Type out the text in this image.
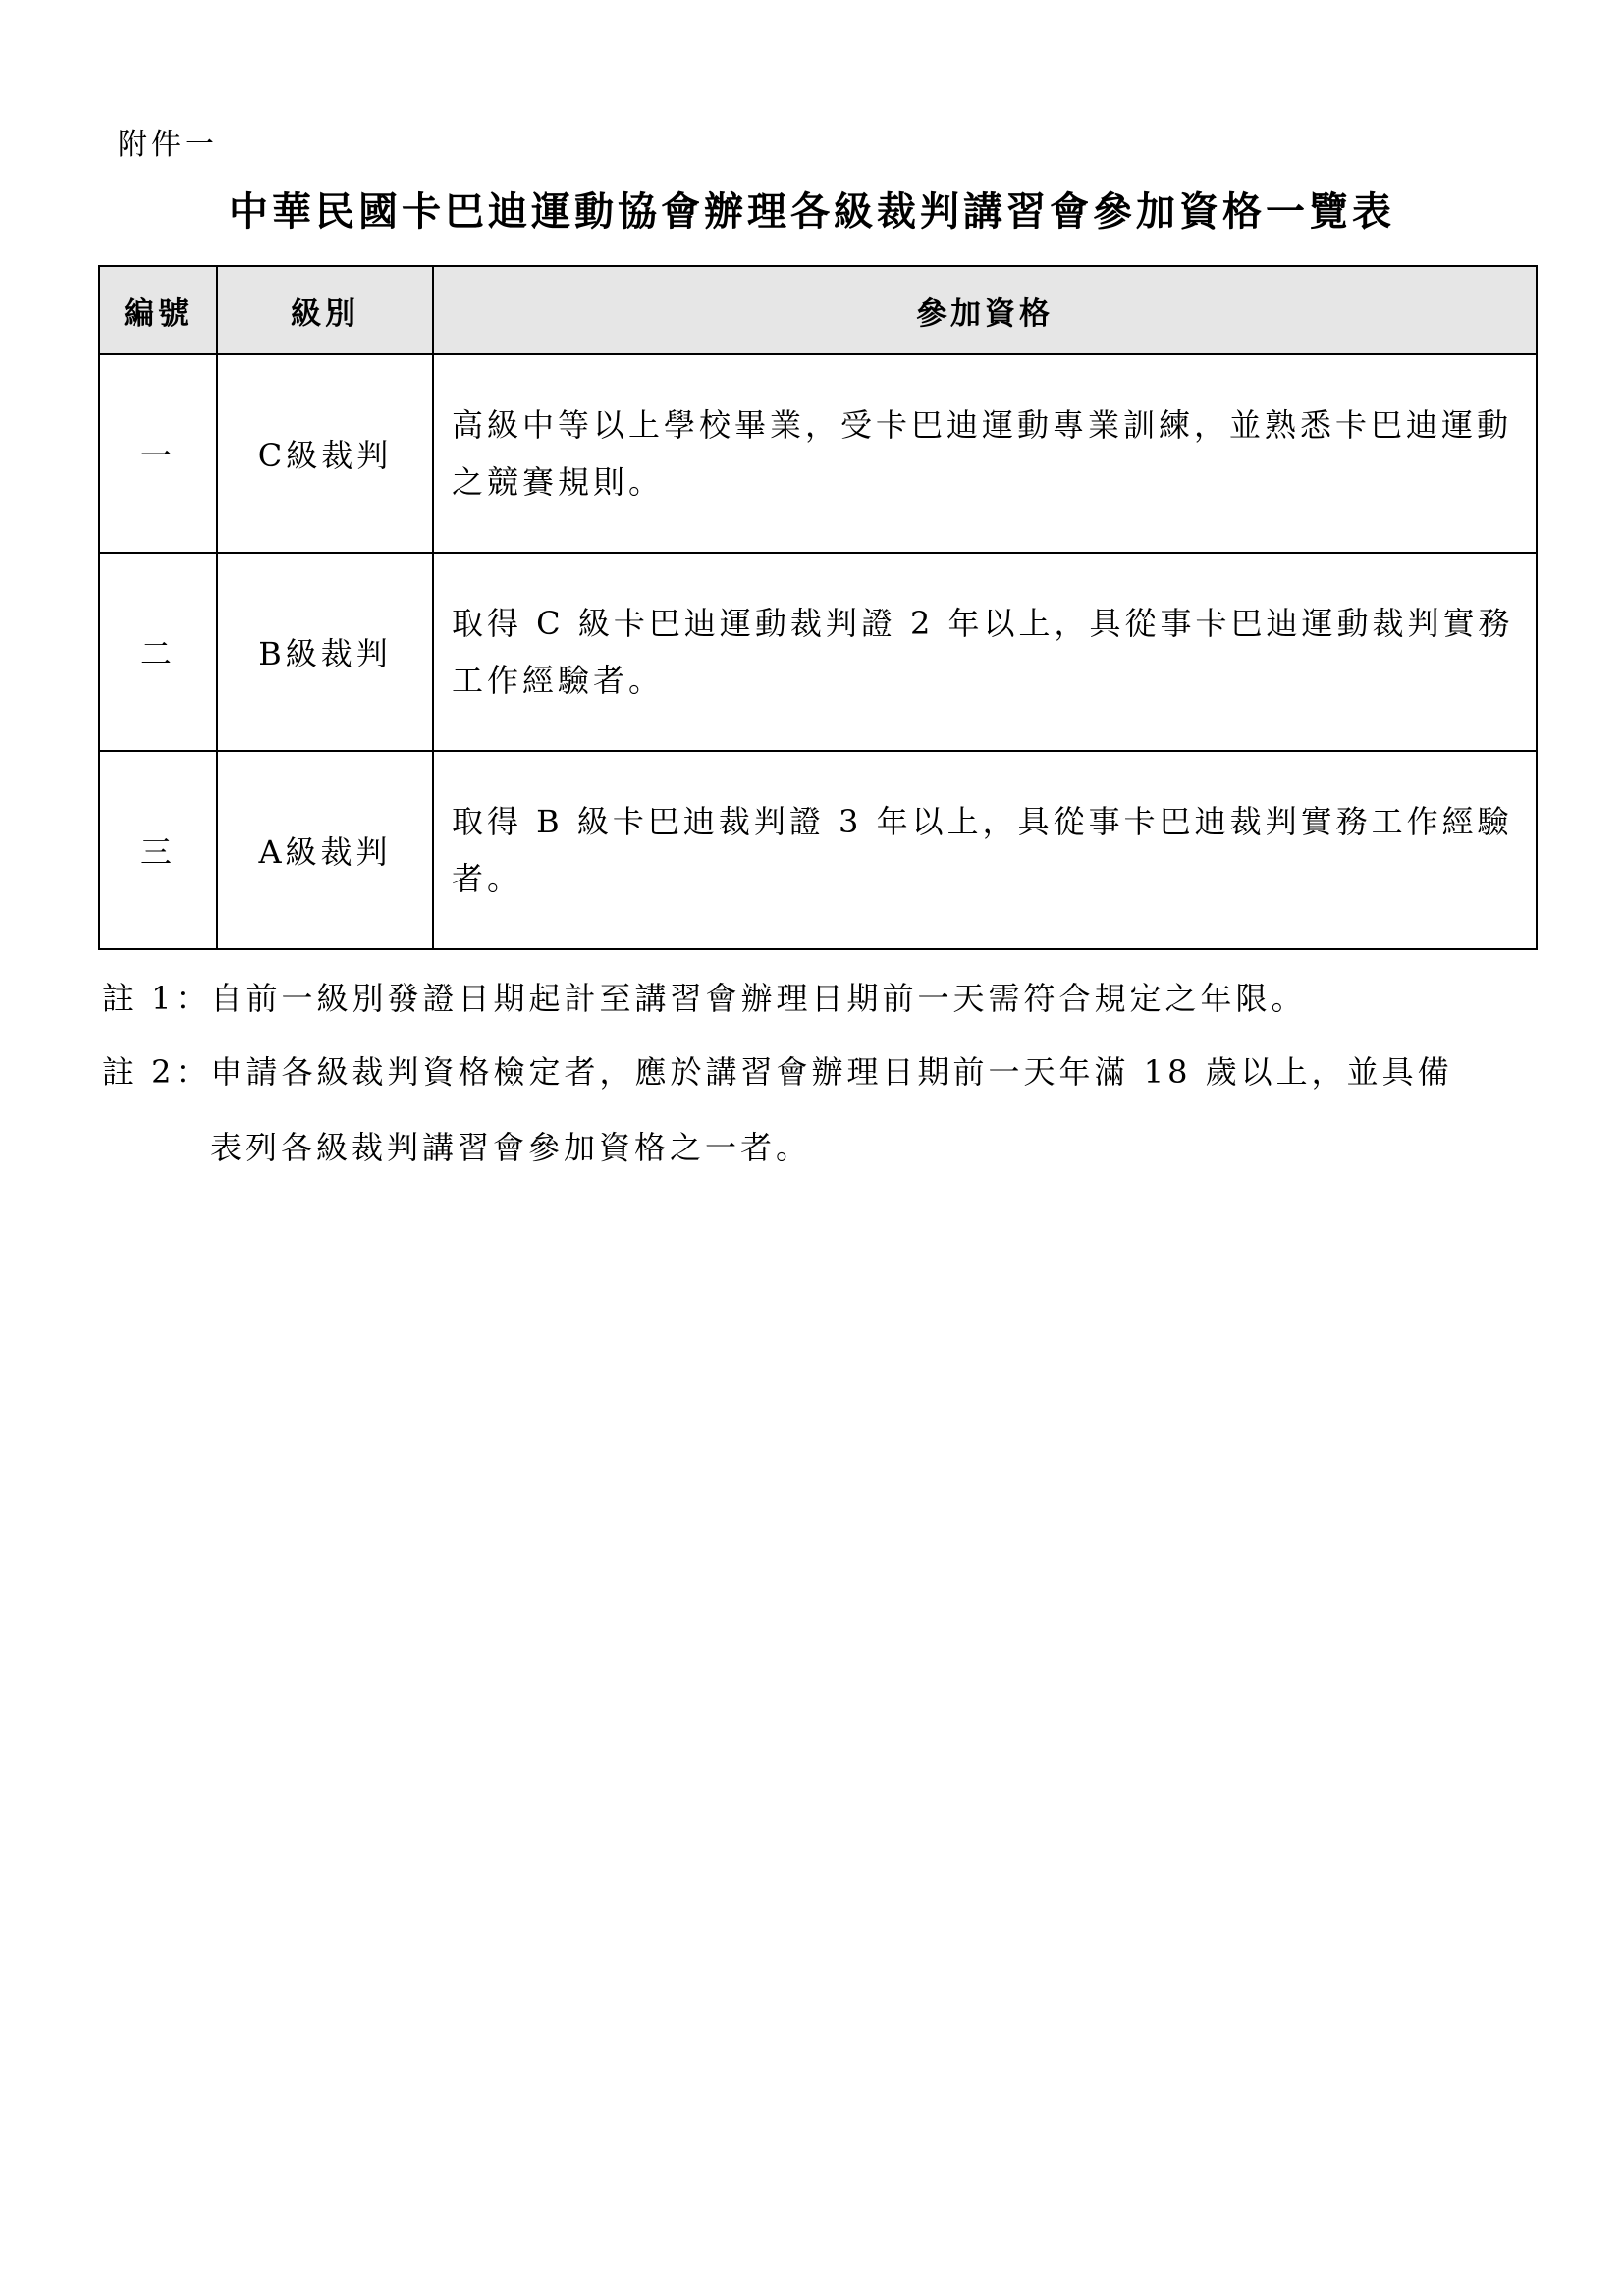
附件一
中華民國卡巴迪運動協會辦理各級裁判講習會參加資格一覽表
編號	級別	參加資格
一	C級裁判	高級中等以上學校畢業，受卡巴迪運動專業訓練，並熟悉卡巴迪運動之競賽規則。
二	B級裁判	取得 C 級卡巴迪運動裁判證 2 年以上，具從事卡巴迪運動裁判實務工作經驗者。
三	A級裁判	取得 B 級卡巴迪裁判證 3 年以上，具從事卡巴迪裁判實務工作經驗者。
註 1：自前一級別發證日期起計至講習會辦理日期前一天需符合規定之年限。
註 2：申請各級裁判資格檢定者，應於講習會辦理日期前一天年滿 18 歲以上，並具備
表列各級裁判講習會參加資格之一者。
